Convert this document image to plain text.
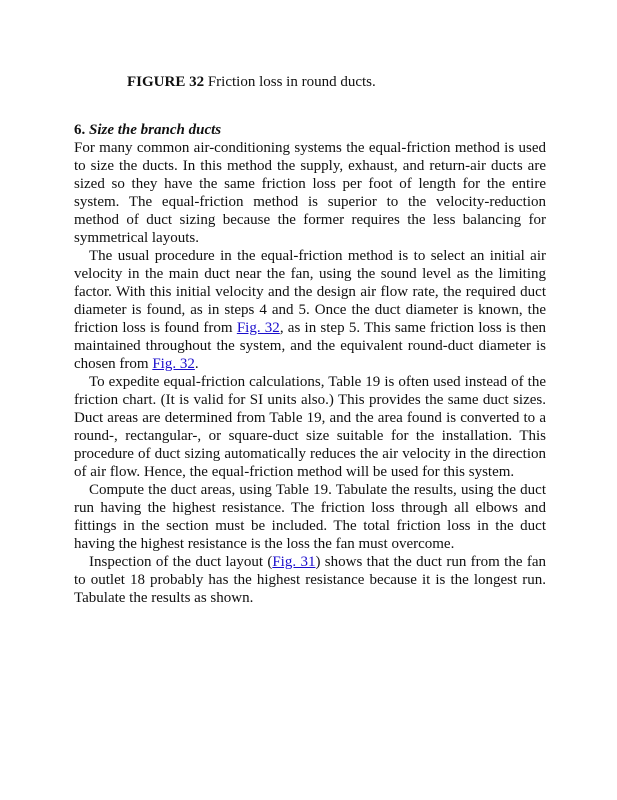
FIGURE 32 Friction loss in round ducts.
6. Size the branch ducts

For many common air-conditioning systems the equal-friction method is used to size the ducts. In this method the supply, exhaust, and return-air ducts are sized so they have the same friction loss per foot of length for the entire system. The equal-friction method is superior to the velocity-reduction method of duct sizing because the former requires the less balancing for symmetrical layouts.

The usual procedure in the equal-friction method is to select an initial air velocity in the main duct near the fan, using the sound level as the limiting factor. With this initial velocity and the design air flow rate, the required duct diameter is found, as in steps 4 and 5. Once the duct diameter is known, the friction loss is found from Fig. 32, as in step 5. This same friction loss is then maintained throughout the system, and the equivalent round-duct diameter is chosen from Fig. 32.

To expedite equal-friction calculations, Table 19 is often used instead of the friction chart. (It is valid for SI units also.) This provides the same duct sizes. Duct areas are determined from Table 19, and the area found is converted to a round-, rectangular-, or square-duct size suitable for the installation. This procedure of duct sizing automatically reduces the air velocity in the direction of air flow. Hence, the equal-friction method will be used for this system.

Compute the duct areas, using Table 19. Tabulate the results, using the duct run having the highest resistance. The friction loss through all elbows and fittings in the section must be included. The total friction loss in the duct having the highest resistance is the loss the fan must overcome.

Inspection of the duct layout (Fig. 31) shows that the duct run from the fan to outlet 18 probably has the highest resistance because it is the longest run. Tabulate the results as shown.
